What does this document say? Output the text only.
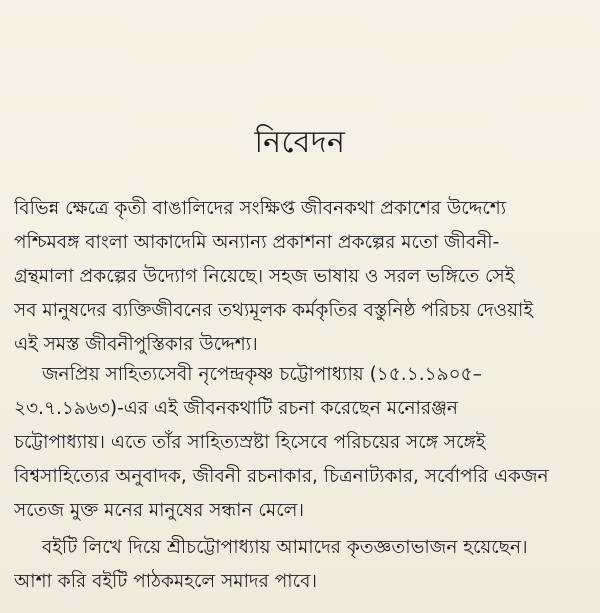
নিবেদন
বিভিন্ন ক্ষেত্রে কৃতী বাঙালিদের সংক্ষিপ্ত জীবনকথা প্রকাশের উদ্দেশ্যে
পশ্চিমবঙ্গ বাংলা আকাদেমি অন্যান্য প্রকাশনা প্রকল্পের মতো জীবনী-
গ্রন্থমালা প্রকল্পের উদ্যোগ নিয়েছে। সহজ ভাষায় ও সরল ভঙ্গিতে সেই
সব মানুষদের ব্যক্তিজীবনের তথ্যমূলক কর্মকৃতির বস্তুনিষ্ঠ পরিচয় দেওয়াই
এই সমস্ত জীবনীপুস্তিকার উদ্দেশ্য।
জনপ্রিয় সাহিত্যসেবী নৃপেন্দ্রকৃষ্ণ চট্টোপাধ্যায় (১৫.১.১৯০৫–
২৩.৭.১৯৬৩)-এর এই জীবনকথাটি রচনা করেছেন মনোরঞ্জন
চট্টোপাধ্যায়। এতে তাঁর সাহিত্যস্রষ্টা হিসেবে পরিচয়ের সঙ্গে সঙ্গেই
বিশ্বসাহিত্যের অনুবাদক, জীবনী রচনাকার, চিত্রনাট্যকার, সর্বোপরি একজন
সতেজ মুক্ত মনের মানুষের সন্ধান মেলে।
বইটি লিখে দিয়ে শ্রীচট্টোপাধ্যায় আমাদের কৃতজ্ঞতাভাজন হয়েছেন।
আশা করি বইটি পাঠকমহলে সমাদর পাবে।
